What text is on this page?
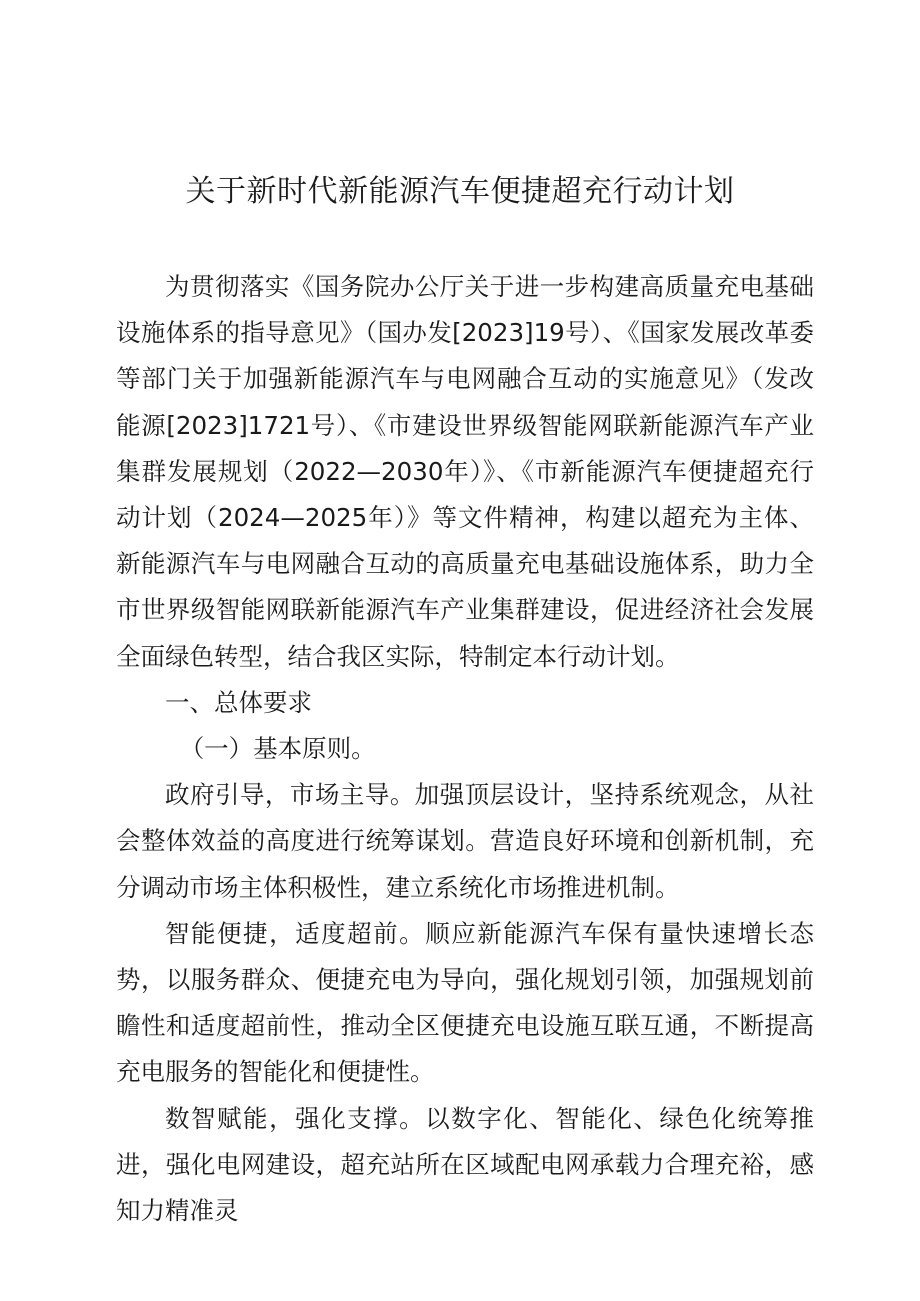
关于新时代新能源汽车便捷超充行动计划

为贯彻落实《国务院办公厅关于进一步构建高质量充电基础设施体系的指导意见》（国办发[2023]19号）、《国家发展改革委等部门关于加强新能源汽车与电网融合互动的实施意见》（发改能源[2023]1721号）、《市建设世界级智能网联新能源汽车产业集群发展规划（2022—2030年）》、《市新能源汽车便捷超充行动计划（2024—2025年）》等文件精神，构建以超充为主体、新能源汽车与电网融合互动的高质量充电基础设施体系，助力全市世界级智能网联新能源汽车产业集群建设，促进经济社会发展全面绿色转型，结合我区实际，特制定本行动计划。

一、总体要求

（一）基本原则。

政府引导，市场主导。加强顶层设计，坚持系统观念，从社会整体效益的高度进行统筹谋划。营造良好环境和创新机制，充分调动市场主体积极性，建立系统化市场推进机制。

智能便捷，适度超前。顺应新能源汽车保有量快速增长态势，以服务群众、便捷充电为导向，强化规划引领，加强规划前瞻性和适度超前性，推动全区便捷充电设施互联互通，不断提高充电服务的智能化和便捷性。

数智赋能，强化支撑。以数字化、智能化、绿色化统筹推进，强化电网建设，超充站所在区域配电网承载力合理充裕，感知力精准灵
